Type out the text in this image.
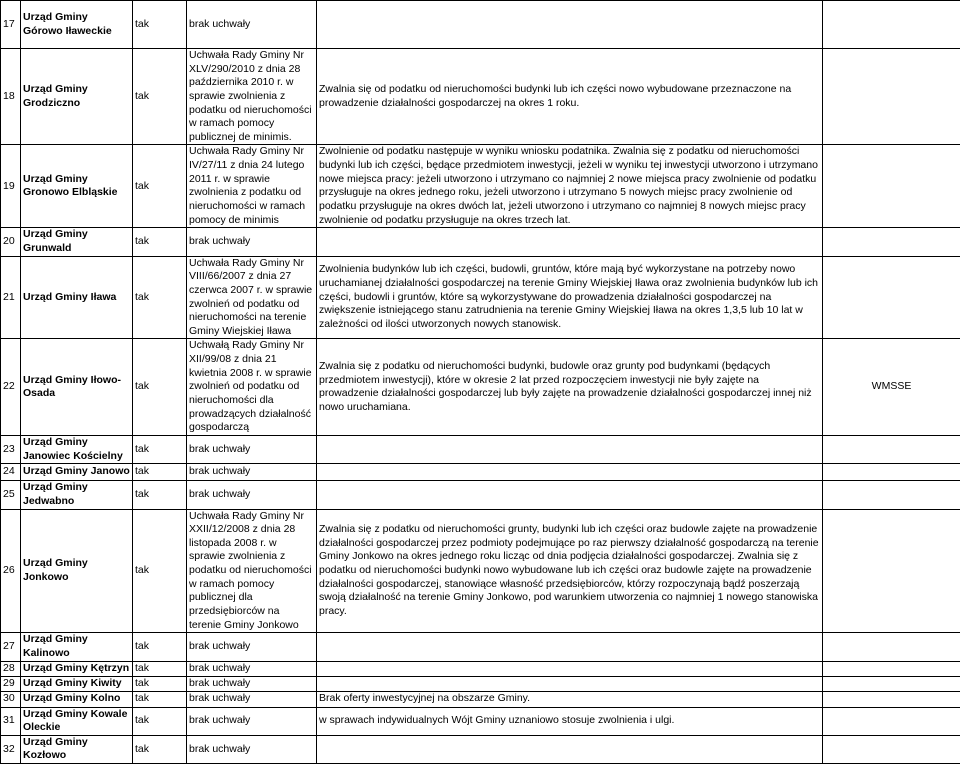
17	Urząd Gminy Górowo Iławeckie	tak	brak uchwały		
18	Urząd Gminy Grodziczno	tak	Uchwała Rady Gminy Nr XLV/290/2010 z dnia 28 października 2010 r. w sprawie zwolnienia z podatku od nieruchomości w ramach pomocy publicznej de minimis.	Zwalnia się od podatku od nieruchomości budynki lub ich części nowo wybudowane przeznaczone na prowadzenie działalności gospodarczej na okres 1 roku.	
19	Urząd Gminy Gronowo Elbląskie	tak	Uchwała Rady Gminy Nr IV/27/11 z dnia 24 lutego 2011 r. w sprawie zwolnienia z podatku od nieruchomości w ramach pomocy de minimis	Zwolnienie od podatku następuje w wyniku wniosku podatnika. Zwalnia się z podatku od nieruchomości budynki lub ich części, będące przedmiotem inwestycji, jeżeli w wyniku tej inwestycji utworzono i utrzymano nowe miejsca pracy: jeżeli utworzono i utrzymano co najmniej 2 nowe miejsca pracy zwolnienie od podatku przysługuje na okres jednego roku, jeżeli utworzono i utrzymano 5 nowych miejsc pracy zwolnienie od podatku przysługuje na okres dwóch lat, jeżeli utworzono i utrzymano co najmniej 8 nowych miejsc pracy zwolnienie od podatku przysługuje na okres trzech lat.	
20	Urząd Gminy Grunwald	tak	brak uchwały		
21	Urząd Gminy Iława	tak	Uchwała Rady Gminy Nr VIII/66/2007 z dnia 27 czerwca 2007 r. w sprawie zwolnień od podatku od nieruchomości na terenie Gminy Wiejskiej Iława	Zwolnienia budynków lub ich części, budowli, gruntów, które mają być wykorzystane na potrzeby nowo uruchamianej działalności gospodarczej na terenie Gminy Wiejskiej Iława oraz zwolnienia budynków lub ich części, budowli i gruntów, które są wykorzystywane do prowadzenia działalności gospodarczej na zwiększenie istniejącego stanu zatrudnienia na terenie Gminy Wiejskiej Iława na okres 1,3,5 lub 10 lat w zależności od ilości utworzonych nowych stanowisk.	
22	Urząd Gminy Iłowo-Osada	tak	Uchwałą Rady Gminy Nr XII/99/08 z dnia 21 kwietnia 2008 r. w sprawie zwolnień od podatku od nieruchomości dla prowadzących działalność gospodarczą	Zwalnia się z podatku od nieruchomości budynki, budowle oraz grunty pod budynkami (będących przedmiotem inwestycji), które w okresie 2 lat przed rozpoczęciem inwestycji nie były zajęte na prowadzenie działalności gospodarczej lub były zajęte na prowadzenie działalności gospodarczej innej niż nowo uruchamiana.	WMSSE
23	Urząd Gminy Janowiec Kościelny	tak	brak uchwały		
24	Urząd Gminy Janowo	tak	brak uchwały		
25	Urząd Gminy Jedwabno	tak	brak uchwały		
26	Urząd Gminy Jonkowo	tak	Uchwała Rady Gminy Nr XXII/12/2008 z dnia 28 listopada 2008 r. w sprawie zwolnienia z podatku od nieruchomości w ramach pomocy publicznej dla przedsiębiorców na terenie Gminy Jonkowo	Zwalnia się z podatku od nieruchomości grunty, budynki lub ich części oraz budowle zajęte na prowadzenie działalności gospodarczej przez podmioty podejmujące po raz pierwszy działalność gospodarczą na terenie Gminy Jonkowo na okres jednego roku licząc od dnia podjęcia działalności gospodarczej. Zwalnia się z podatku od nieruchomości budynki nowo wybudowane lub ich części oraz budowle zajęte na prowadzenie działalności gospodarczej, stanowiące własność przedsiębiorców, którzy rozpoczynają bądź poszerzają swoją działalność na terenie Gminy Jonkowo, pod warunkiem utworzenia co najmniej 1 nowego stanowiska pracy.	
27	Urząd Gminy Kalinowo	tak	brak uchwały		
28	Urząd Gminy Kętrzyn	tak	brak uchwały		
29	Urząd Gminy Kiwity	tak	brak uchwały		
30	Urząd Gminy Kolno	tak	brak uchwały	Brak oferty inwestycyjnej na obszarze Gminy.	
31	Urząd Gminy Kowale Oleckie	tak	brak uchwały	w sprawach indywidualnych Wójt Gminy uznaniowo stosuje zwolnienia i ulgi.	
32	Urząd Gminy Kozłowo	tak	brak uchwały		
